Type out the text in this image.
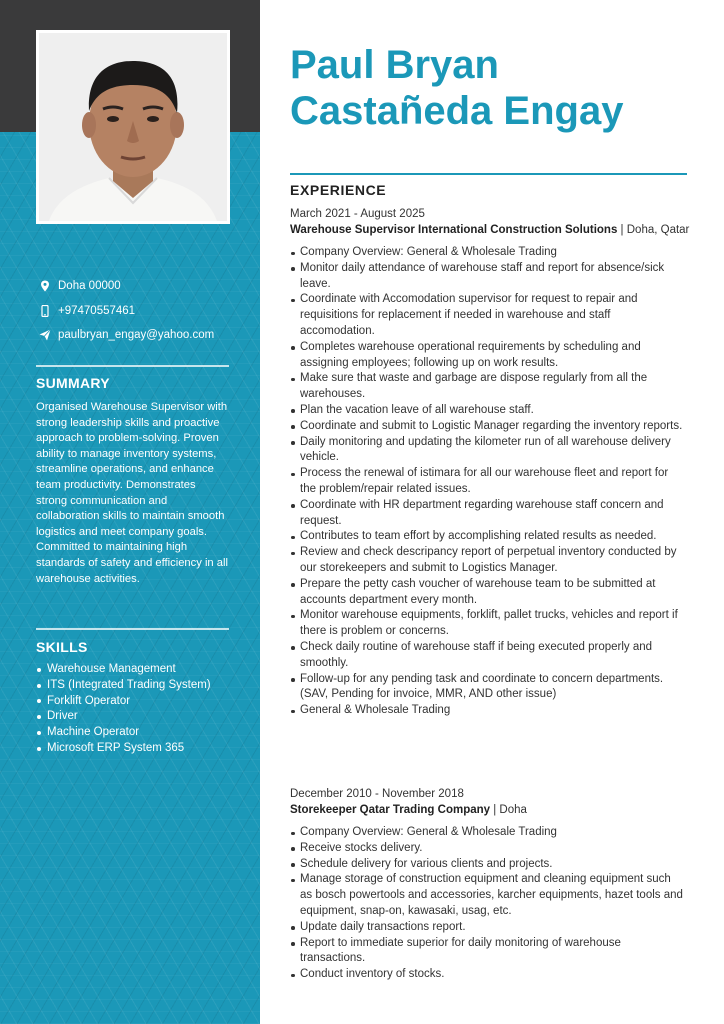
Doha 00000
+97470557461
paulbryan_engay@yahoo.com
SUMMARY
Organised Warehouse Supervisor with strong leadership skills and proactive approach to problem-solving. Proven ability to manage inventory systems, streamline operations, and enhance team productivity. Demonstrates strong communication and collaboration skills to maintain smooth logistics and meet company goals. Committed to maintaining high standards of safety and efficiency in all warehouse activities.
SKILLS
Warehouse Management
ITS (Integrated Trading System)
Forklift Operator
Driver
Machine Operator
Microsoft ERP System 365
Paul Bryan Castañeda Engay
EXPERIENCE
March 2021 - August 2025
Warehouse Supervisor International Construction Solutions | Doha, Qatar
Company Overview: General & Wholesale Trading
Monitor daily attendance of warehouse staff and report for absence/sick leave.
Coordinate with Accomodation supervisor for request to repair and requisitions for replacement if needed in warehouse and staff accomodation.
Completes warehouse operational requirements by scheduling and assigning employees; following up on work results.
Make sure that waste and garbage are dispose regularly from all the warehouses.
Plan the vacation leave of all warehouse staff.
Coordinate and submit to Logistic Manager regarding the inventory reports.
Daily monitoring and updating the kilometer run of all warehouse delivery vehicle.
Process the renewal of istimara for all our warehouse fleet and report for the problem/repair related issues.
Coordinate with HR department regarding warehouse staff concern and request.
Contributes to team effort by accomplishing related results as needed.
Review and check descripancy report of perpetual inventory conducted by our storekeepers and submit to Logistics Manager.
Prepare the petty cash voucher of warehouse team to be submitted at accounts department every month.
Monitor warehouse equipments, forklift, pallet trucks, vehicles and report if there is problem or concerns.
Check daily routine of warehouse staff if being executed properly and smoothly.
Follow-up for any pending task and coordinate to concern departments. (SAV, Pending for invoice, MMR, AND other issue)
General & Wholesale Trading
December 2010 - November 2018
Storekeeper Qatar Trading Company | Doha
Company Overview: General & Wholesale Trading
Receive stocks delivery.
Schedule delivery for various clients and projects.
Manage storage of construction equipment and cleaning equipment such as bosch powertools and accessories, karcher equipments, hazet tools and equipment, snap-on, kawasaki, usag, etc.
Update daily transactions report.
Report to immediate superior for daily monitoring of warehouse transactions.
Conduct inventory of stocks.
